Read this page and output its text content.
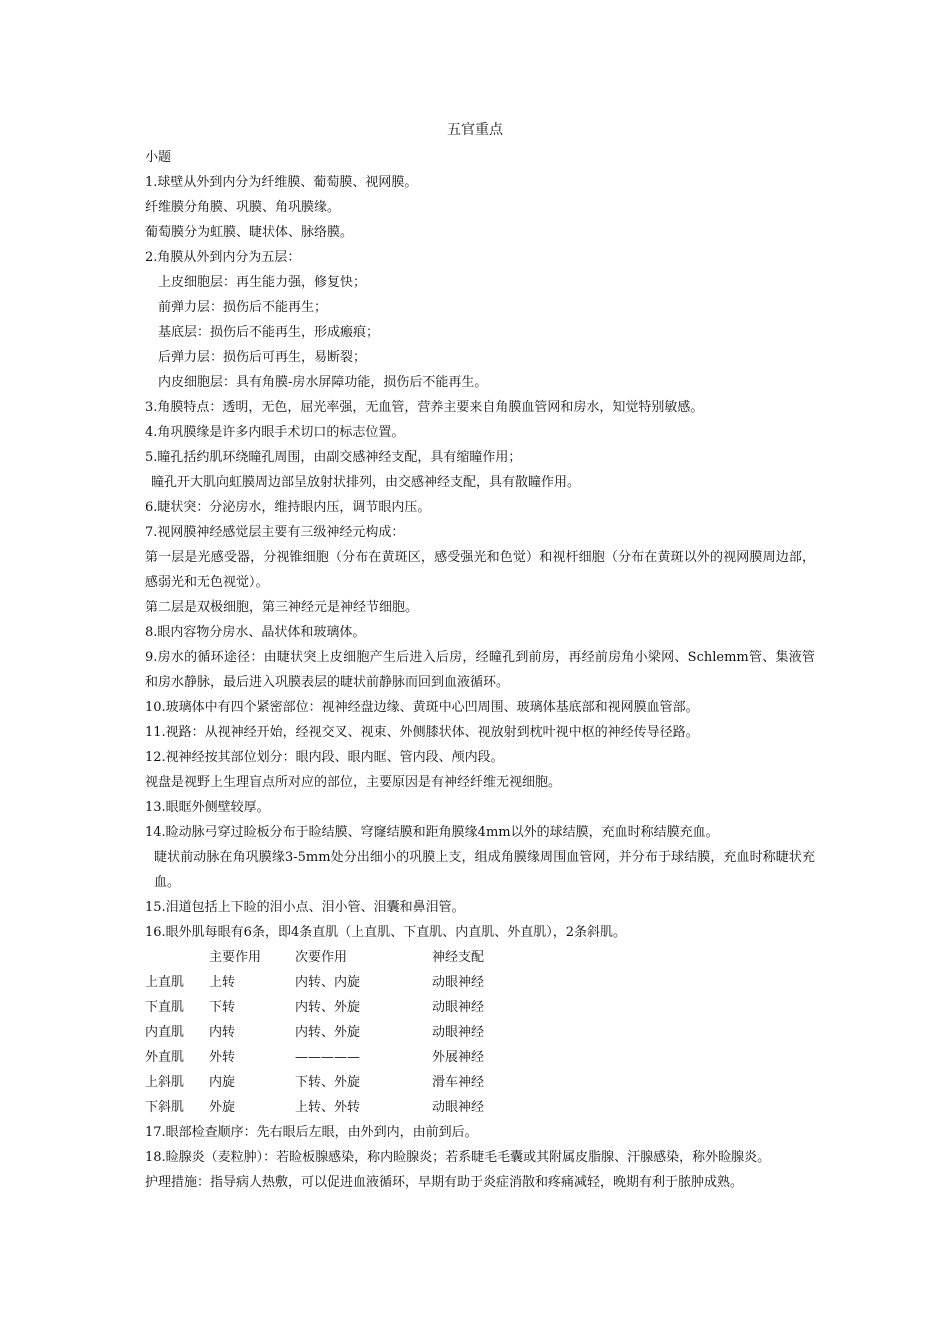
五官重点
小题
1.球壁从外到内分为纤维膜、葡萄膜、视网膜。
纤维膜分角膜、巩膜、角巩膜缘。
葡萄膜分为虹膜、睫状体、脉络膜。
2.角膜从外到内分为五层：
上皮细胞层：再生能力强，修复快；
前弹力层：损伤后不能再生；
基底层：损伤后不能再生，形成瘢痕；
后弹力层：损伤后可再生，易断裂；
内皮细胞层：具有角膜-房水屏障功能，损伤后不能再生。
3.角膜特点：透明，无色，屈光率强，无血管，营养主要来自角膜血管网和房水，知觉特别敏感。
4.角巩膜缘是许多内眼手术切口的标志位置。
5.瞳孔括约肌环绕瞳孔周围，由副交感神经支配，具有缩瞳作用；
瞳孔开大肌向虹膜周边部呈放射状排列，由交感神经支配，具有散瞳作用。
6.睫状突：分泌房水，维持眼内压，调节眼内压。
7.视网膜神经感觉层主要有三级神经元构成：
第一层是光感受器，分视锥细胞（分布在黄斑区，感受强光和色觉）和视杆细胞（分布在黄斑以外的视网膜周边部，感弱光和无色视觉）。
第二层是双极细胞，第三神经元是神经节细胞。
8.眼内容物分房水、晶状体和玻璃体。
9.房水的循环途径：由睫状突上皮细胞产生后进入后房，经瞳孔到前房，再经前房角小梁网、Schlemm管、集液管和房水静脉，最后进入巩膜表层的睫状前静脉而回到血液循环。
10.玻璃体中有四个紧密部位：视神经盘边缘、黄斑中心凹周围、玻璃体基底部和视网膜血管部。
11.视路：从视神经开始，经视交叉、视束、外侧膝状体、视放射到枕叶视中枢的神经传导径路。
12.视神经按其部位划分：眼内段、眼内眶、管内段、颅内段。
视盘是视野上生理盲点所对应的部位，主要原因是有神经纤维无视细胞。
13.眼眶外侧壁较厚。
14.睑动脉弓穿过睑板分布于睑结膜、穹窿结膜和距角膜缘4mm以外的球结膜，充血时称结膜充血。
睫状前动脉在角巩膜缘3-5mm处分出细小的巩膜上支，组成角膜缘周围血管网，并分布于球结膜，充血时称睫状充血。
15.泪道包括上下睑的泪小点、泪小管、泪囊和鼻泪管。
16.眼外肌每眼有6条，即4条直肌（上直肌、下直肌、内直肌、外直肌），2条斜肌。
主要作用	次要作用	神经支配
上直肌 上转	内转、内旋	动眼神经
下直肌 下转	内转、外旋	动眼神经
内直肌 内转	内转、外旋	动眼神经
外直肌 外转	—————	外展神经
上斜肌 内旋	下转、外旋	滑车神经
下斜肌 外旋	上转、外转	动眼神经
17.眼部检查顺序：先右眼后左眼，由外到内，由前到后。
18.睑腺炎（麦粒肿）：若睑板腺感染，称内睑腺炎；若系睫毛毛囊或其附属皮脂腺、汗腺感染，称外睑腺炎。
护理措施：指导病人热敷，可以促进血液循环，早期有助于炎症消散和疼痛减轻，晚期有利于脓肿成熟。
